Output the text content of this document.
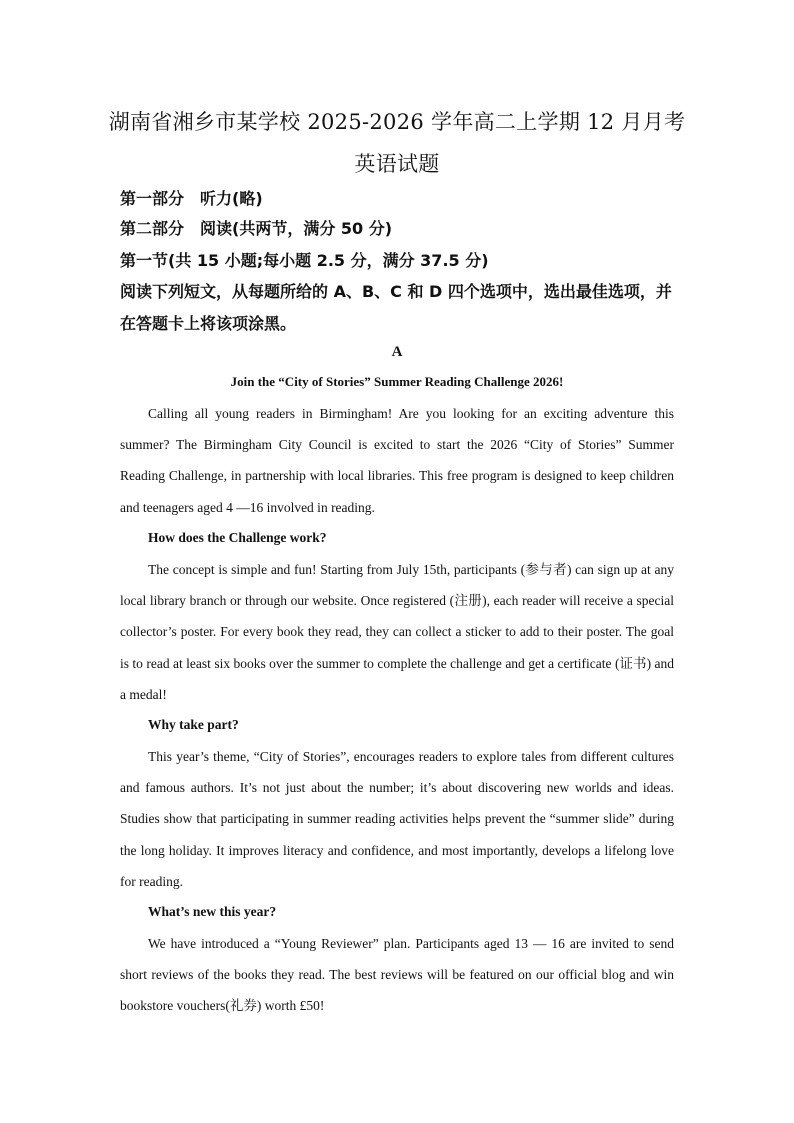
湖南省湘乡市某学校 2025-2026 学年高二上学期 12 月月考
英语试题
第一部分　听力(略)
第二部分　阅读(共两节，满分 50 分)
第一节(共 15 小题;每小题 2.5 分，满分 37.5 分)
阅读下列短文，从每题所给的 A、B、C 和 D 四个选项中，选出最佳选项，并
在答题卡上将该项涂黑。
A
Join the “City of Stories” Summer Reading Challenge 2026!

Calling all young readers in Birmingham! Are you looking for an exciting adventure this summer? The Birmingham City Council is excited to start the 2026 “City of Stories” Summer Reading Challenge, in partnership with local libraries. This free program is designed to keep children and teenagers aged 4 —16 involved in reading.

How does the Challenge work?

The concept is simple and fun! Starting from July 15th, participants (参与者) can sign up at any local library branch or through our website. Once registered (注册), each reader will receive a special collector’s poster. For every book they read, they can collect a sticker to add to their poster. The goal is to read at least six books over the summer to complete the challenge and get a certificate (证书) and a medal!

Why take part?

This year’s theme, “City of Stories”, encourages readers to explore tales from different cultures and famous authors. It’s not just about the number; it’s about discovering new worlds and ideas. Studies show that participating in summer reading activities helps prevent the “summer slide” during the long holiday. It improves literacy and confidence, and most importantly, develops a lifelong love for reading.

What’s new this year?

We have introduced a “Young Reviewer” plan. Participants aged 13 — 16 are invited to send short reviews of the books they read. The best reviews will be featured on our official blog and win bookstore vouchers(礼券) worth £50!
